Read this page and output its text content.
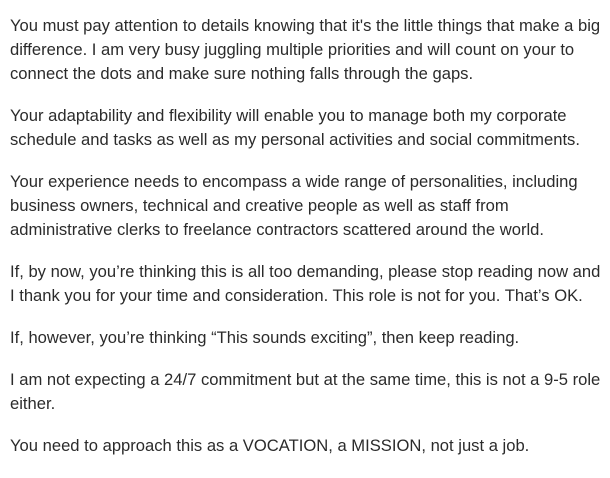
You must pay attention to details knowing that it's the little things that make a big difference. I am very busy juggling multiple priorities and will count on your to connect the dots and make sure nothing falls through the gaps.

Your adaptability and flexibility will enable you to manage both my corporate schedule and tasks as well as my personal activities and social commitments.

Your experience needs to encompass a wide range of personalities, including business owners, technical and creative people as well as staff from administrative clerks to freelance contractors scattered around the world.

If, by now, you’re thinking this is all too demanding, please stop reading now and I thank you for your time and consideration. This role is not for you. That’s OK.

If, however, you’re thinking “This sounds exciting”, then keep reading.

I am not expecting a 24/7 commitment but at the same time, this is not a 9-5 role either.

You need to approach this as a VOCATION, a MISSION, not just a job.
